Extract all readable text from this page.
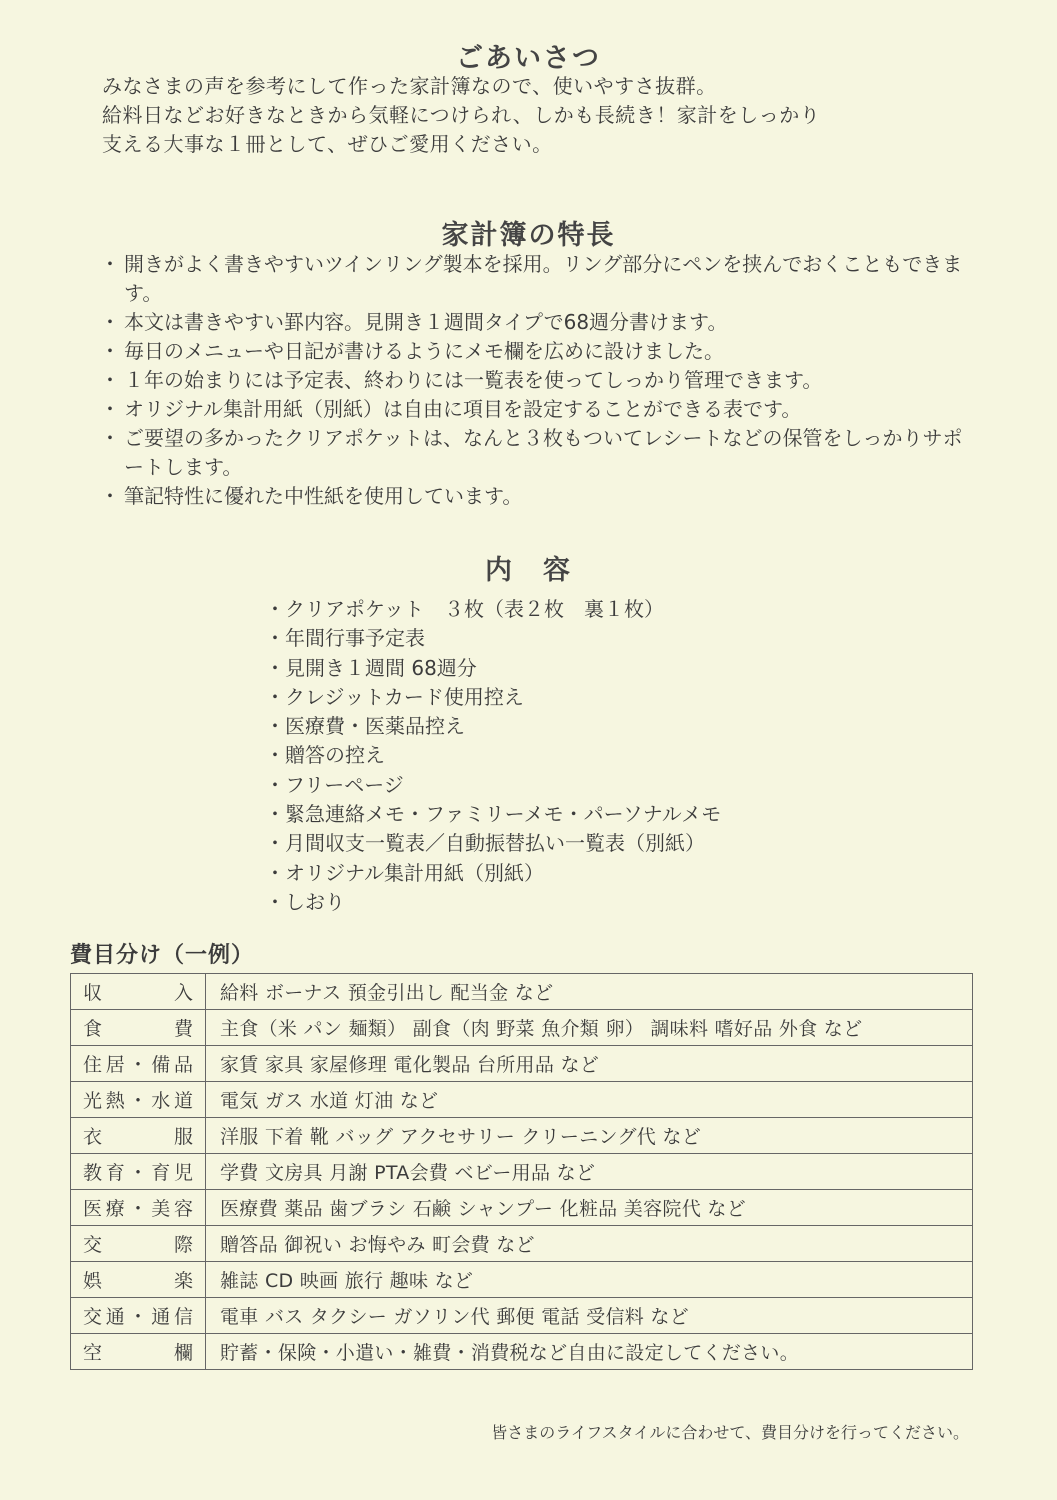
ごあいさつ

みなさまの声を参考にして作った家計簿なので、使いやすさ抜群。

給料日などお好きなときから気軽につけられ、しかも長続き！家計をしっかり

支える大事な１冊として、ぜひご愛用ください。

家計簿の特長
・ 開きがよく書きやすいツインリング製本を採用。リング部分にペンを挟んでおくこともできます。
・ 本文は書きやすい罫内容。見開き１週間タイプで68週分書けます。
・ 毎日のメニューや日記が書けるようにメモ欄を広めに設けました。
・ １年の始まりには予定表、終わりには一覧表を使ってしっかり管理できます。
・ オリジナル集計用紙（別紙）は自由に項目を設定することができる表です。
・ ご要望の多かったクリアポケットは、なんと３枚もついてレシートなどの保管をしっかりサポートします。
・ 筆記特性に優れた中性紙を使用しています。
内　容
・ クリアポケット　３枚（表２枚　裏１枚）
・ 年間行事予定表
・ 見開き１週間 68週分
・ クレジットカード使用控え
・ 医療費・医薬品控え
・ 贈答の控え
・ フリーページ
・ 緊急連絡メモ・ファミリーメモ・パーソナルメモ
・ 月間収支一覧表／自動振替払い一覧表（別紙）
・ オリジナル集計用紙（別紙）
・ しおり
費目分け（一例）
収入	給料 ボーナス 預金引出し 配当金 など
食費	主食（米 パン 麺類） 副食（肉 野菜 魚介類 卵） 調味料 嗜好品 外食 など
住居・備品	家賃 家具 家屋修理 電化製品 台所用品 など
光熱・水道	電気 ガス 水道 灯油 など
衣服	洋服 下着 靴 バッグ アクセサリー クリーニング代 など
教育・育児	学費 文房具 月謝 PTA会費 ベビー用品 など
医療・美容	医療費 薬品 歯ブラシ 石鹸 シャンプー 化粧品 美容院代 など
交際	贈答品 御祝い お悔やみ 町会費 など
娯楽	雑誌 CD 映画 旅行 趣味 など
交通・通信	電車 バス タクシー ガソリン代 郵便 電話 受信料 など
空欄	貯蓄・保険・小遣い・雑費・消費税など自由に設定してください。
皆さまのライフスタイルに合わせて、費目分けを行ってください。
